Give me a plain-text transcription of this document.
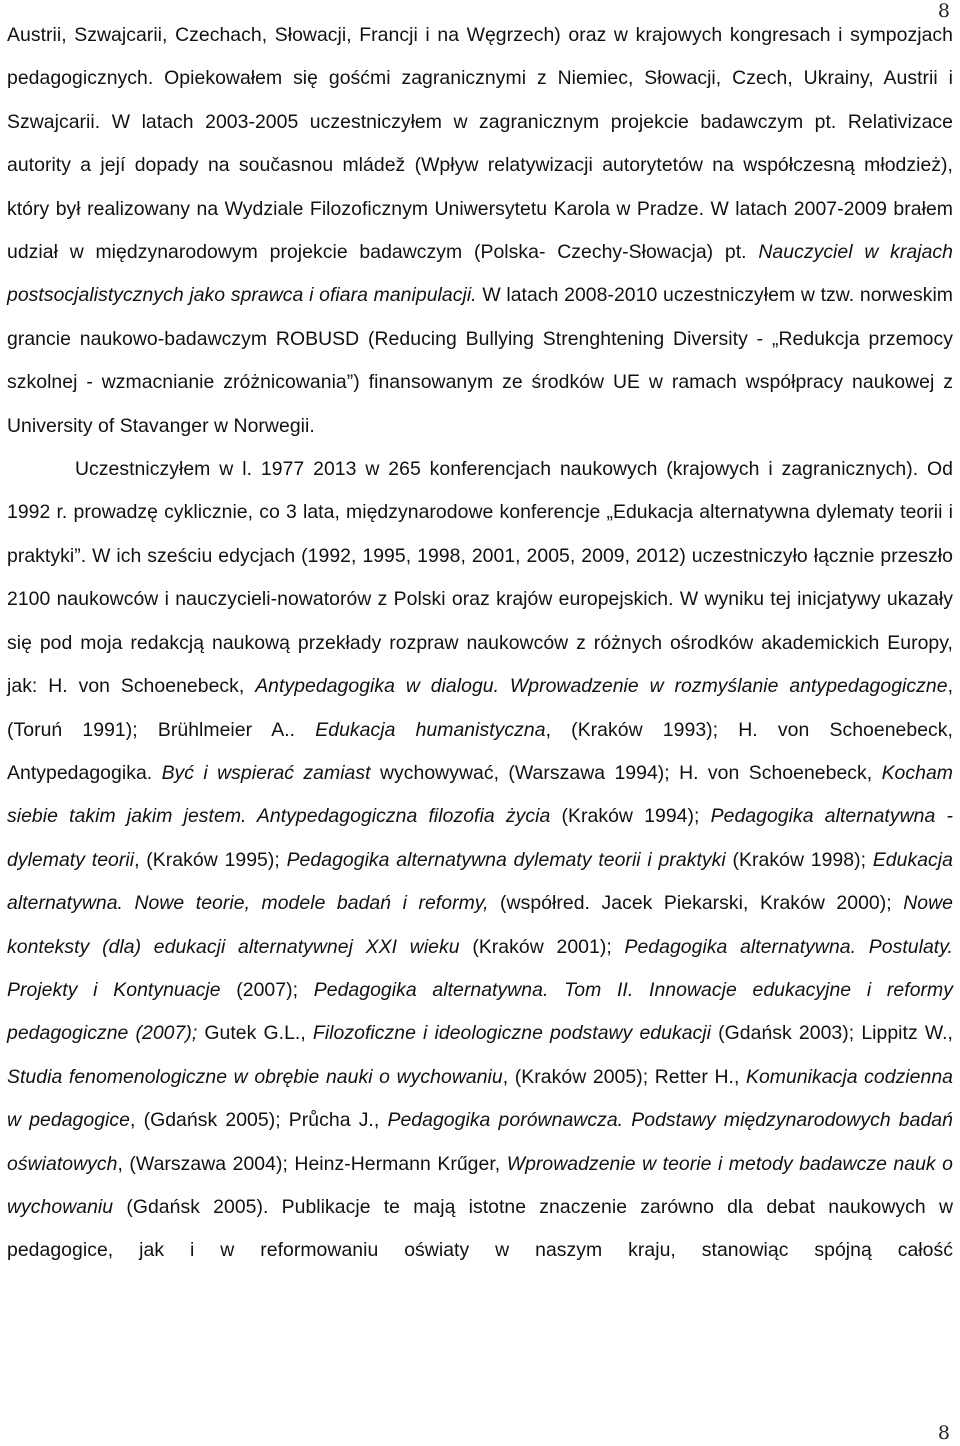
8

Austrii, Szwajcarii, Czechach, Słowacji, Francji i na Węgrzech) oraz w krajowych kongresach i sympozjach pedagogicznych. Opiekowałem się gośćmi zagranicznymi z Niemiec, Słowacji, Czech, Ukrainy, Austrii i Szwajcarii. W latach 2003-2005 uczestniczyłem w zagranicznym projekcie badawczym pt. Relativizace autority a její dopady na současnou mládež (Wpływ relatywizacji autorytetów na współczesną młodzież), który był realizowany na Wydziale Filozoficznym Uniwersytetu Karola w Pradze. W latach 2007-2009 brałem udział w międzynarodowym projekcie badawczym (Polska- Czechy-Słowacja) pt. Nauczyciel w krajach postsocjalistycznych jako sprawca i ofiara manipulacji. W latach 2008-2010 uczestniczyłem w tzw. norweskim grancie naukowo-badawczym ROBUSD (Reducing Bullying Strenghtening Diversity - „Redukcja przemocy szkolnej - wzmacnianie zróżnicowania”) finansowanym ze środków UE w ramach współpracy naukowej z University of Stavanger w Norwegii.

Uczestniczyłem w l. 1977 2013 w 265 konferencjach naukowych (krajowych i zagranicznych). Od 1992 r. prowadzę cyklicznie, co 3 lata, międzynarodowe konferencje „Edukacja alternatywna dylematy teorii i praktyki”. W ich sześciu edycjach (1992, 1995, 1998, 2001, 2005, 2009, 2012) uczestniczyło łącznie przeszło 2100 naukowców i nauczycieli-nowatorów z Polski oraz krajów europejskich. W wyniku tej inicjatywy ukazały się pod moja redakcją naukową przekłady rozpraw naukowców z różnych ośrodków akademickich Europy, jak: H. von Schoenebeck, Antypedagogika w dialogu. Wprowadzenie w rozmyślanie antypedagogiczne, (Toruń 1991); Brühlmeier A.. Edukacja humanistyczna, (Kraków 1993); H. von Schoenebeck, Antypedagogika. Być i wspierać zamiast wychowywać, (Warszawa 1994); H. von Schoenebeck, Kocham siebie takim jakim jestem. Antypedagogiczna filozofia życia (Kraków 1994); Pedagogika alternatywna - dylematy teorii, (Kraków 1995); Pedagogika alternatywna dylematy teorii i praktyki (Kraków 1998); Edukacja alternatywna. Nowe teorie, modele badań i reformy, (współred. Jacek Piekarski, Kraków 2000); Nowe konteksty (dla) edukacji alternatywnej XXI wieku (Kraków 2001); Pedagogika alternatywna. Postulaty. Projekty i Kontynuacje (2007); Pedagogika alternatywna. Tom II. Innowacje edukacyjne i reformy pedagogiczne (2007); Gutek G.L., Filozoficzne i ideologiczne podstawy edukacji (Gdańsk 2003); Lippitz W., Studia fenomenologiczne w obrębie nauki o wychowaniu, (Kraków 2005); Retter H., Komunikacja codzienna w pedagogice, (Gdańsk 2005); Průcha J., Pedagogika porównawcza. Podstawy międzynarodowych badań oświatowych, (Warszawa 2004); Heinz-Hermann Krűger, Wprowadzenie w teorie i metody badawcze nauk o wychowaniu (Gdańsk 2005). Publikacje te mają istotne znaczenie zarówno dla debat naukowych w pedagogice, jak i w reformowaniu oświaty w naszym kraju, stanowiąc spójną całość

8
